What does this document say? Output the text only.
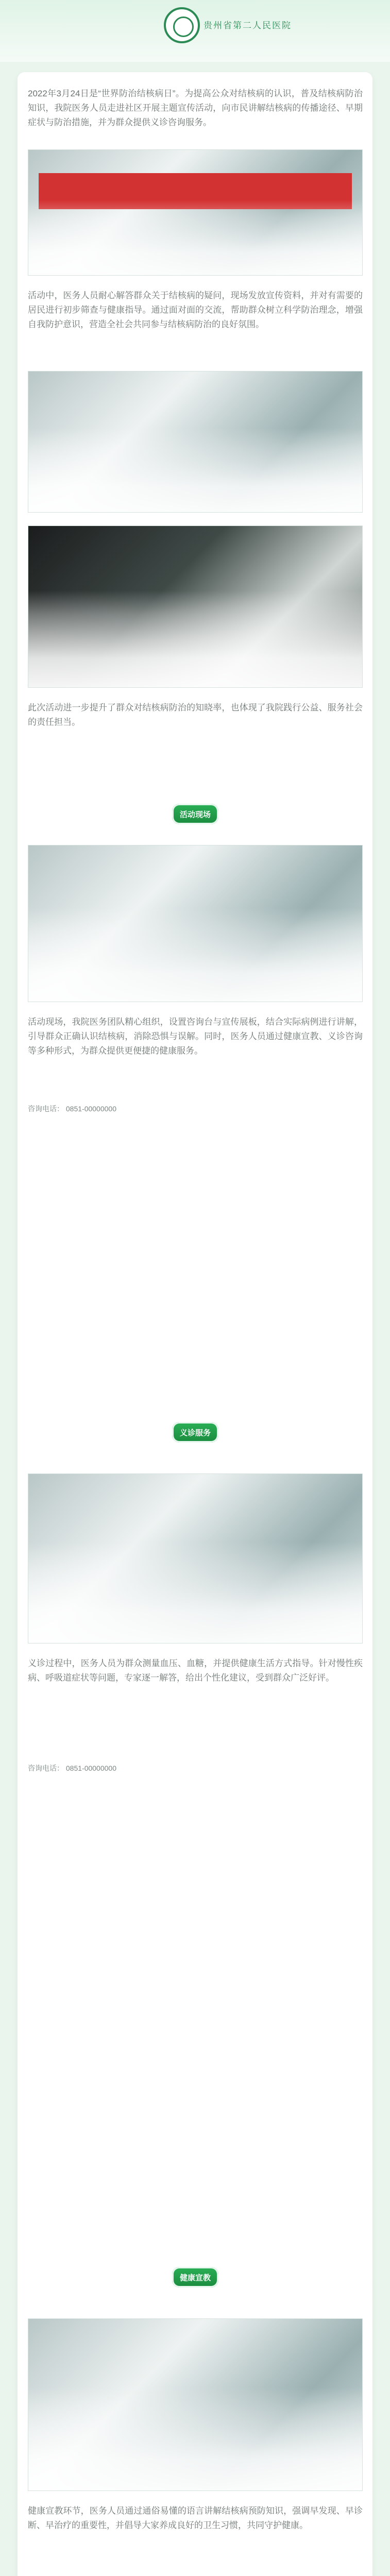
贵州省第二人民医院
2022年3月24日是“世界防治结核病日”。为提高公众对结核病的认识，普及结核病防治知识，我院医务人员走进社区开展主题宣传活动，向市民讲解结核病的传播途径、早期症状与防治措施，并为群众提供义诊咨询服务。
活动中，医务人员耐心解答群众关于结核病的疑问，现场发放宣传资料，并对有需要的居民进行初步筛查与健康指导。通过面对面的交流，帮助群众树立科学防治理念，增强自我防护意识，营造全社会共同参与结核病防治的良好氛围。
此次活动进一步提升了群众对结核病防治的知晓率，也体现了我院践行公益、服务社会的责任担当。
活动现场
活动现场，我院医务团队精心组织，设置咨询台与宣传展板，结合实际病例进行讲解，引导群众正确认识结核病，消除恐惧与误解。同时，医务人员通过健康宣教、义诊咨询等多种形式，为群众提供更便捷的健康服务。
咨询电话： 0851-00000000
义诊服务
义诊过程中，医务人员为群众测量血压、血糖，并提供健康生活方式指导。针对慢性疾病、呼吸道症状等问题，专家逐一解答，给出个性化建议，受到群众广泛好评。
咨询电话： 0851-00000000
健康宣教
健康宣教环节，医务人员通过通俗易懂的语言讲解结核病预防知识，强调早发现、早诊断、早治疗的重要性，并倡导大家养成良好的卫生习惯，共同守护健康。
